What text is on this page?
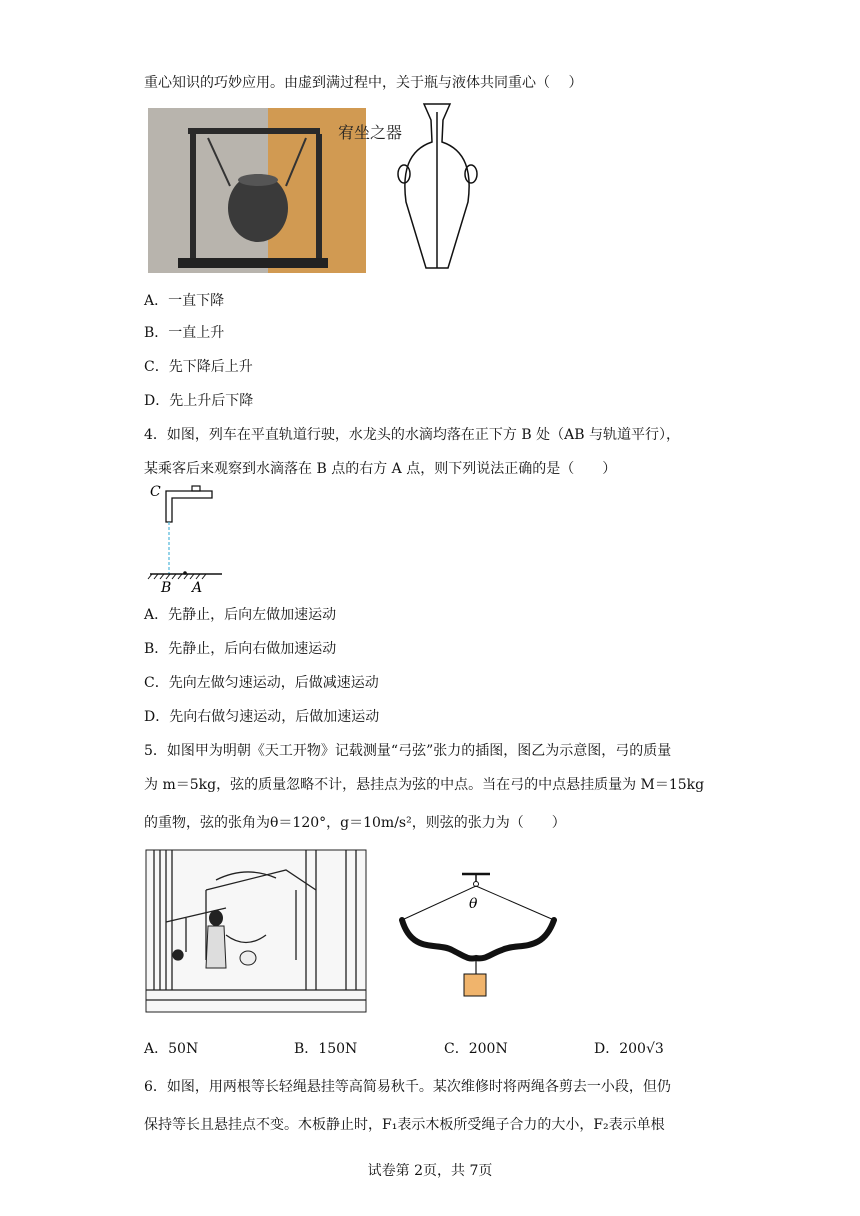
重心知识的巧妙应用。由虚到满过程中，关于瓶与液体共同重心（　 ）
宥坐之器
A．一直下降
B．一直上升
C．先下降后上升
D．先上升后下降
4．如图，列车在平直轨道行驶，水龙头的水滴均落在正下方 B 处（AB 与轨道平行），
某乘客后来观察到水滴落在 B 点的右方 A 点，则下列说法正确的是（　　）
C
B A
A．先静止，后向左做加速运动
B．先静止，后向右做加速运动
C．先向左做匀速运动，后做减速运动
D．先向右做匀速运动，后做加速运动
5．如图甲为明朝《天工开物》记载测量“弓弦”张力的插图，图乙为示意图，弓的质量
为 m＝5kg，弦的质量忽略不计，悬挂点为弦的中点。当在弓的中点悬挂质量为 M＝15kg
的重物，弦的张角为θ＝120°，g＝10m/s²，则弦的张力为（　　）
θ
A．50N	B．150N	C．200N	D．200√3
6．如图，用两根等长轻绳悬挂等高简易秋千。某次维修时将两绳各剪去一小段，但仍
保持等长且悬挂点不变。木板静止时，F₁表示木板所受绳子合力的大小，F₂表示单根
试卷第 2页，共 7页
